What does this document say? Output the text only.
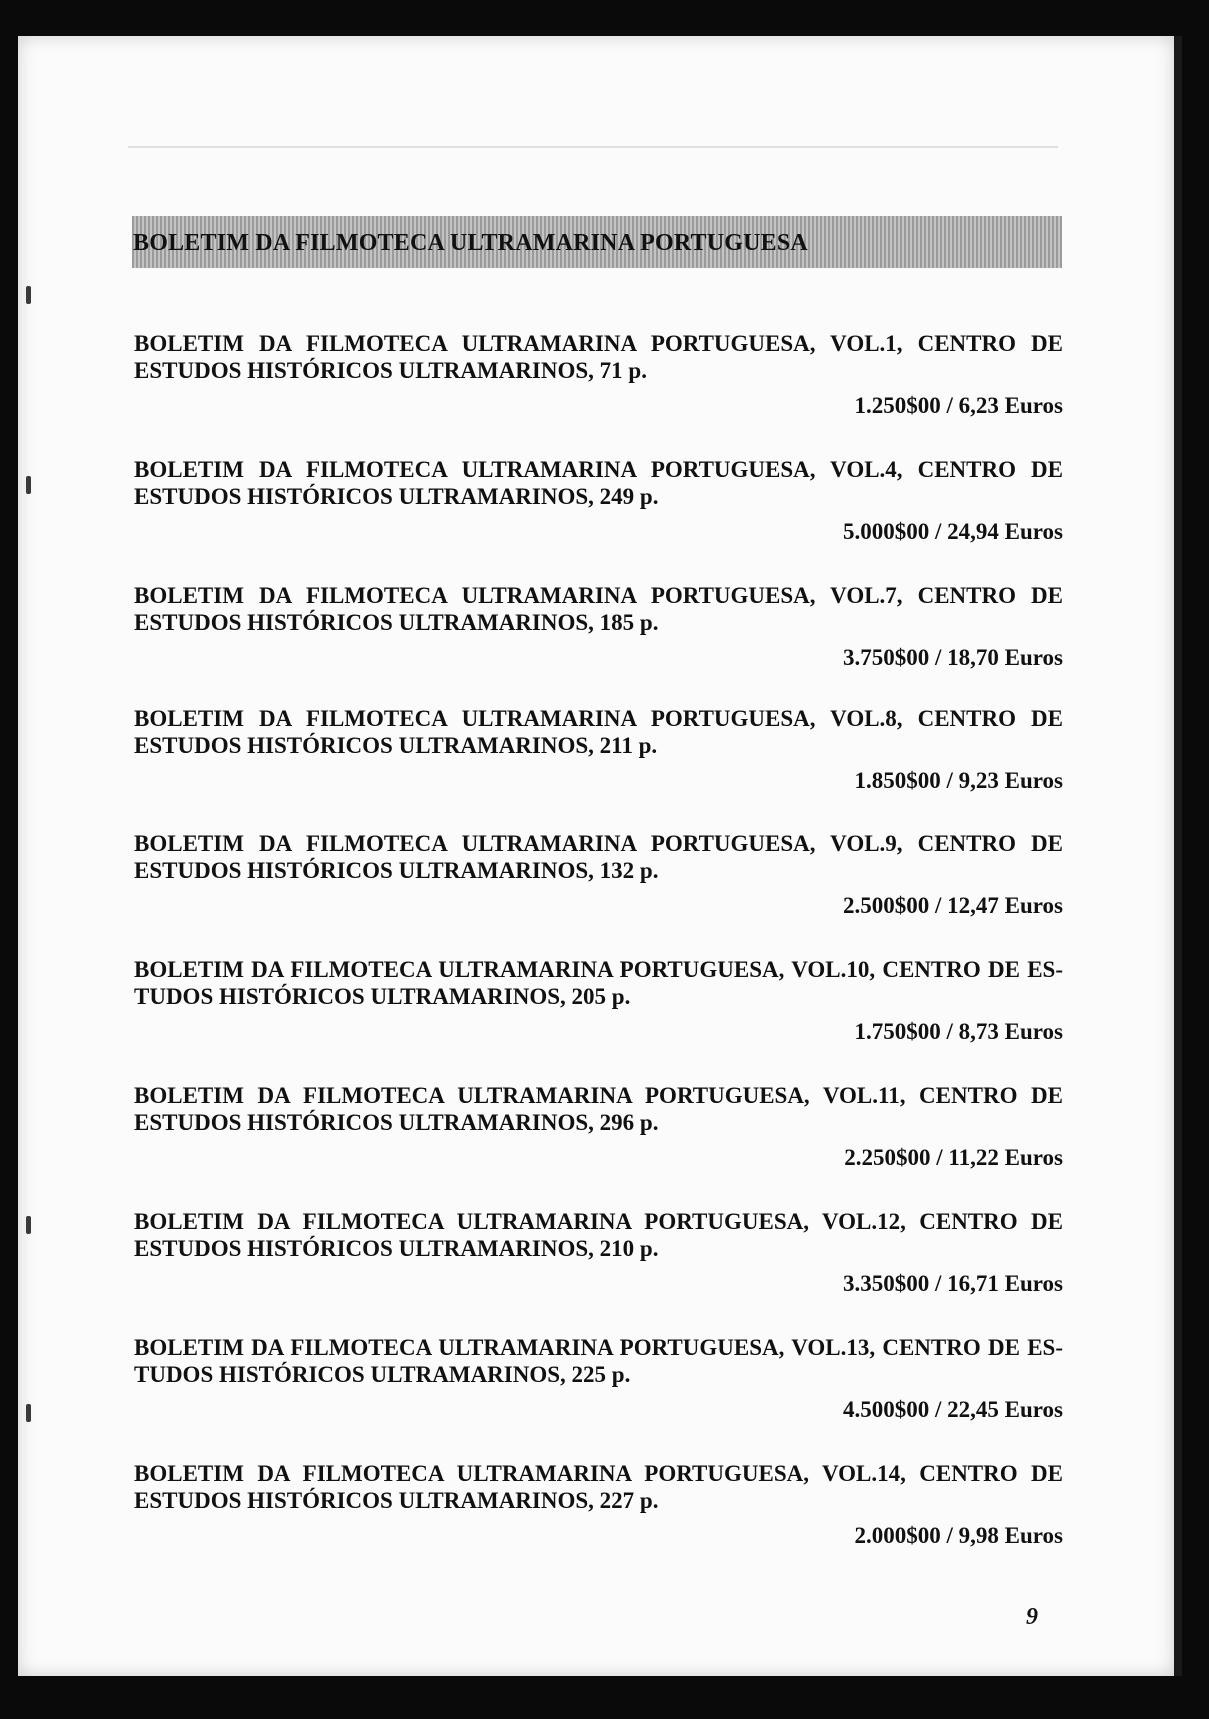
BOLETIM DA FILMOTECA ULTRAMARINA PORTUGUESA
BOLETIM DA FILMOTECA ULTRAMARINA PORTUGUESA, VOL.1, CENTRO DE
ESTUDOS HISTÓRICOS ULTRAMARINOS, 71 p.
1.250$00 / 6,23 Euros
BOLETIM DA FILMOTECA ULTRAMARINA PORTUGUESA, VOL.4, CENTRO DE
ESTUDOS HISTÓRICOS ULTRAMARINOS, 249 p.
5.000$00 / 24,94 Euros
BOLETIM DA FILMOTECA ULTRAMARINA PORTUGUESA, VOL.7, CENTRO DE
ESTUDOS HISTÓRICOS ULTRAMARINOS, 185 p.
3.750$00 / 18,70 Euros
BOLETIM DA FILMOTECA ULTRAMARINA PORTUGUESA, VOL.8, CENTRO DE
ESTUDOS HISTÓRICOS ULTRAMARINOS, 211 p.
1.850$00 / 9,23 Euros
BOLETIM DA FILMOTECA ULTRAMARINA PORTUGUESA, VOL.9, CENTRO DE
ESTUDOS HISTÓRICOS ULTRAMARINOS, 132 p.
2.500$00 / 12,47 Euros
BOLETIM DA FILMOTECA ULTRAMARINA PORTUGUESA, VOL.10, CENTRO DE ES-
TUDOS HISTÓRICOS ULTRAMARINOS, 205 p.
1.750$00 / 8,73 Euros
BOLETIM DA FILMOTECA ULTRAMARINA PORTUGUESA, VOL.11, CENTRO DE
ESTUDOS HISTÓRICOS ULTRAMARINOS, 296 p.
2.250$00 / 11,22 Euros
BOLETIM DA FILMOTECA ULTRAMARINA PORTUGUESA, VOL.12, CENTRO DE
ESTUDOS HISTÓRICOS ULTRAMARINOS, 210 p.
3.350$00 / 16,71 Euros
BOLETIM DA FILMOTECA ULTRAMARINA PORTUGUESA, VOL.13, CENTRO DE ES-
TUDOS HISTÓRICOS ULTRAMARINOS, 225 p.
4.500$00 / 22,45 Euros
BOLETIM DA FILMOTECA ULTRAMARINA PORTUGUESA, VOL.14, CENTRO DE
ESTUDOS HISTÓRICOS ULTRAMARINOS, 227 p.
2.000$00 / 9,98 Euros
9
